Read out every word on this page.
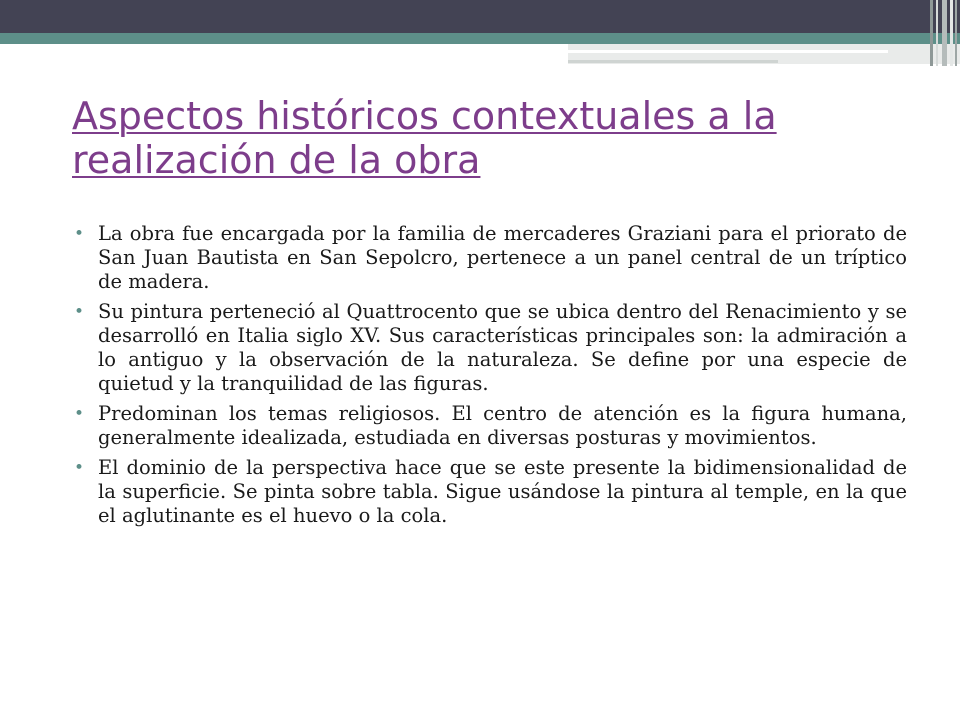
Aspectos históricos contextuales a la realización de la obra
• La obra fue encargada por la familia de mercaderes Graziani para el priorato de San Juan Bautista en San Sepolcro, pertenece a un panel central de un tríptico de madera.
• Su pintura perteneció al Quattrocento que se ubica dentro del Renacimiento y se desarrolló en Italia siglo XV. Sus características principales son: la admiración a lo antiguo y la observación de la naturaleza. Se define por una especie de quietud y la tranquilidad de las figuras.
• Predominan los temas religiosos. El centro de atención es la figura humana, generalmente idealizada, estudiada en diversas posturas y movimientos.
• El dominio de la perspectiva hace que se este presente la bidimensionalidad de la superficie. Se pinta sobre tabla. Sigue usándose la pintura al temple, en la que el aglutinante es el huevo o la cola.
